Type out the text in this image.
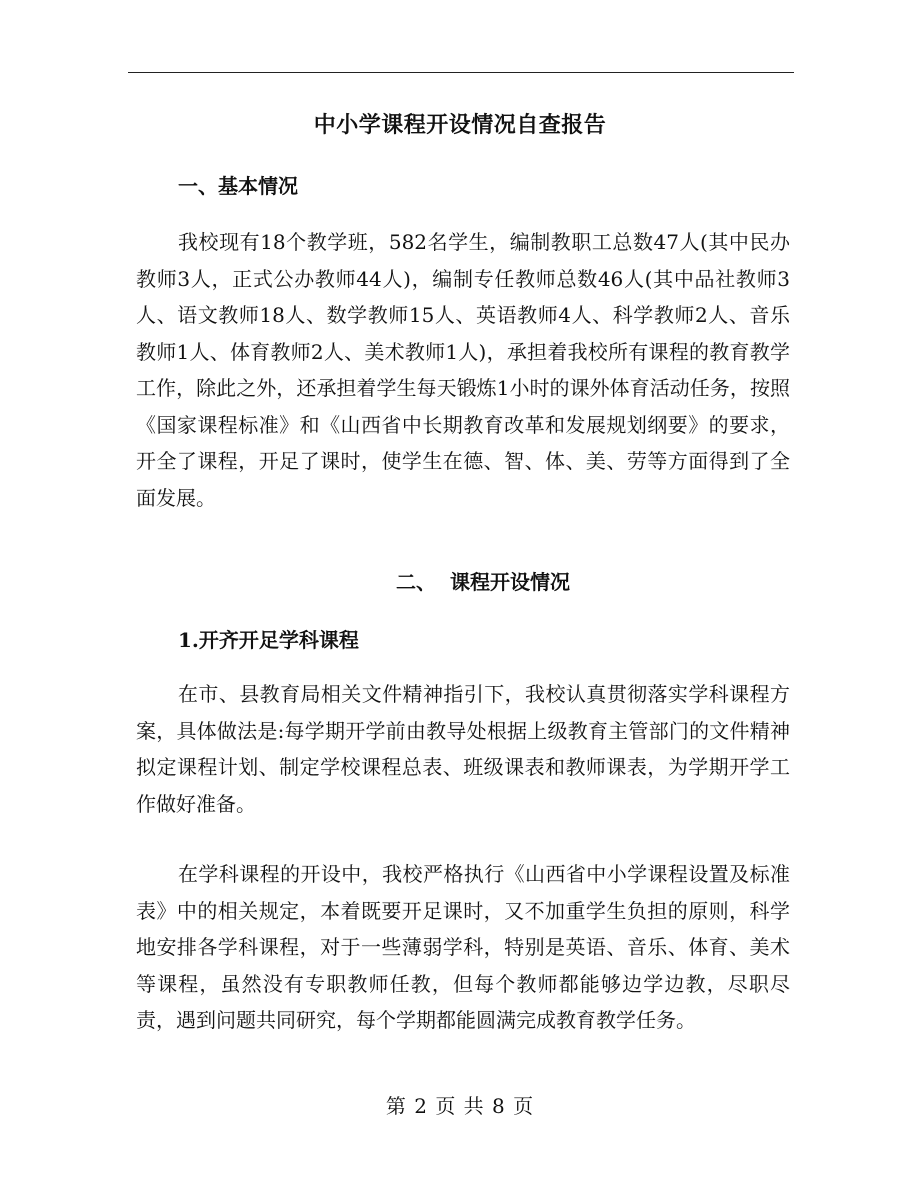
中小学课程开设情况自查报告
一、基本情况

我校现有18个教学班，582名学生，编制教职工总数47人(其中民办教师3人，正式公办教师44人)，编制专任教师总数46人(其中品社教师3人、语文教师18人、数学教师15人、英语教师4人、科学教师2人、音乐教师1人、体育教师2人、美术教师1人)，承担着我校所有课程的教育教学工作，除此之外，还承担着学生每天锻炼1小时的课外体育活动任务，按照《国家课程标准》和《山西省中长期教育改革和发展规划纲要》的要求，开全了课程，开足了课时，使学生在德、智、体、美、劳等方面得到了全面发展。

二、  课程开设情况
1.开齐开足学科课程

在市、县教育局相关文件精神指引下，我校认真贯彻落实学科课程方案，具体做法是:每学期开学前由教导处根据上级教育主管部门的文件精神拟定课程计划、制定学校课程总表、班级课表和教师课表，为学期开学工作做好准备。

在学科课程的开设中，我校严格执行《山西省中小学课程设置及标准表》中的相关规定，本着既要开足课时，又不加重学生负担的原则，科学地安排各学科课程，对于一些薄弱学科，特别是英语、音乐、体育、美术等课程，虽然没有专职教师任教，但每个教师都能够边学边教，尽职尽责，遇到问题共同研究，每个学期都能圆满完成教育教学任务。

第 2 页 共 8 页
